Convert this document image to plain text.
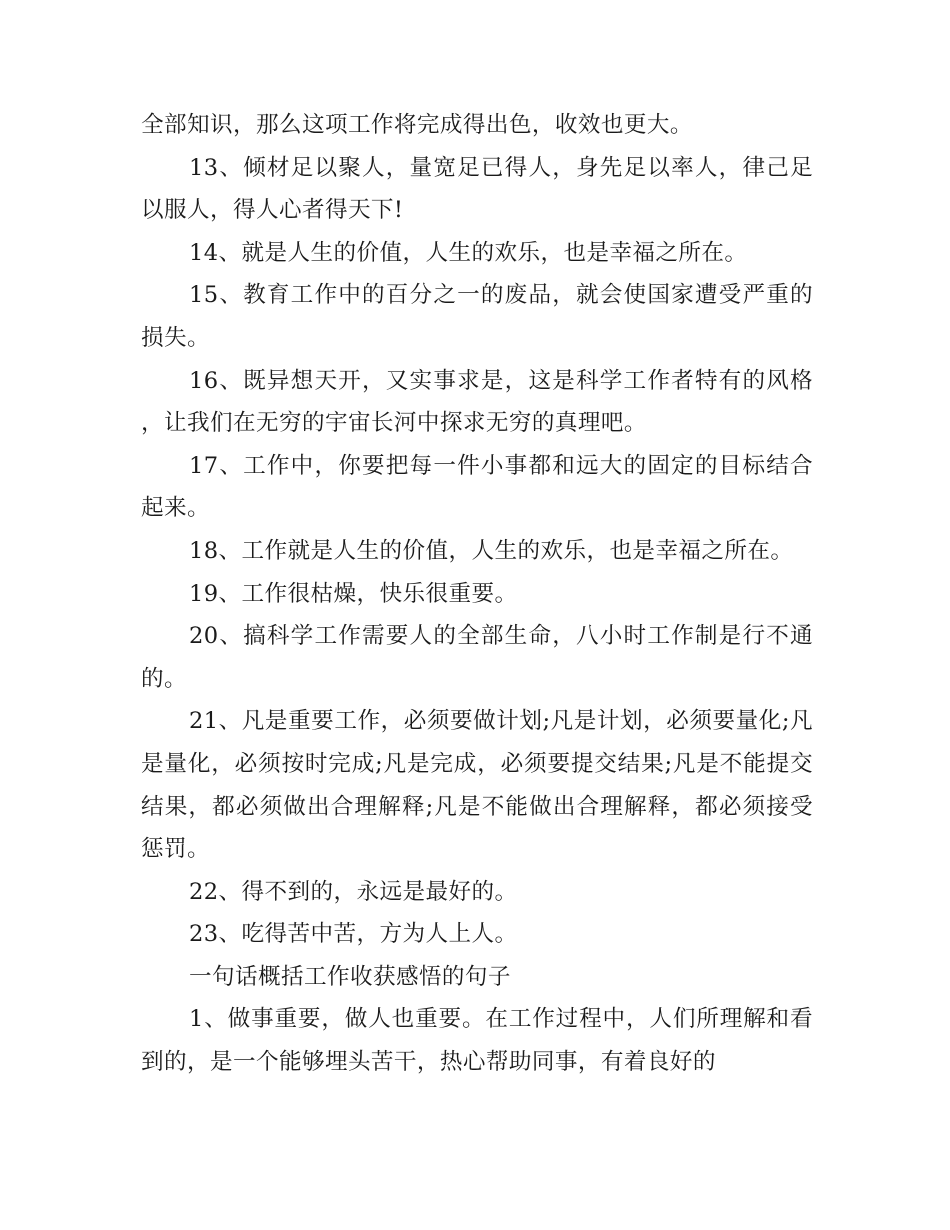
全部知识，那么这项工作将完成得出色，收效也更大。

13、倾材足以聚人，量宽足已得人，身先足以率人，律己足以服人，得人心者得天下!

14、就是人生的价值，人生的欢乐，也是幸福之所在。

15、教育工作中的百分之一的废品，就会使国家遭受严重的损失。

16、既异想天开，又实事求是，这是科学工作者特有的风格，让我们在无穷的宇宙长河中探求无穷的真理吧。

17、工作中，你要把每一件小事都和远大的固定的目标结合起来。

18、工作就是人生的价值，人生的欢乐，也是幸福之所在。

19、工作很枯燥，快乐很重要。

20、搞科学工作需要人的全部生命，八小时工作制是行不通的。

21、凡是重要工作，必须要做计划;凡是计划，必须要量化;凡是量化，必须按时完成;凡是完成，必须要提交结果;凡是不能提交结果，都必须做出合理解释;凡是不能做出合理解释，都必须接受惩罚。

22、得不到的，永远是最好的。

23、吃得苦中苦，方为人上人。

一句话概括工作收获感悟的句子

1、做事重要，做人也重要。在工作过程中，人们所理解和看到的，是一个能够埋头苦干，热心帮助同事，有着良好的
